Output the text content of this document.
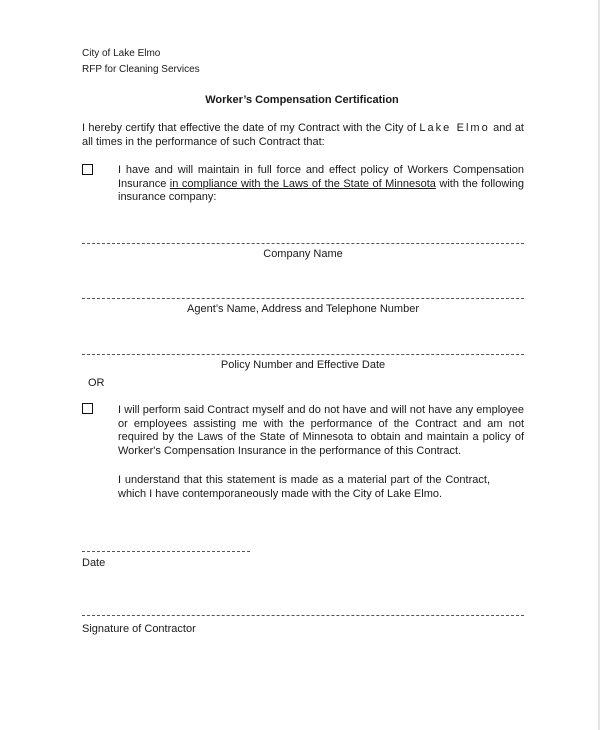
City of Lake Elmo
RFP for Cleaning Services
Worker’s Compensation Certification
I hereby certify that effective the date of my Contract with the City of Lake Elmo and at all times in the performance of such Contract that:
I have and will maintain in full force and effect policy of Workers Compensation Insurance in compliance with the Laws of the State of Minnesota with the following insurance company:
Company Name
Agent’s Name, Address and Telephone Number
Policy Number and Effective Date
OR
I will perform said Contract myself and do not have and will not have any employee or employees assisting me with the performance of the Contract and am not required by the Laws of the State of Minnesota to obtain and maintain a policy of Worker's Compensation Insurance in the performance of this Contract.
I understand that this statement is made as a material part of the Contract, which I have contemporaneously made with the City of Lake Elmo.
Date
Signature of Contractor
